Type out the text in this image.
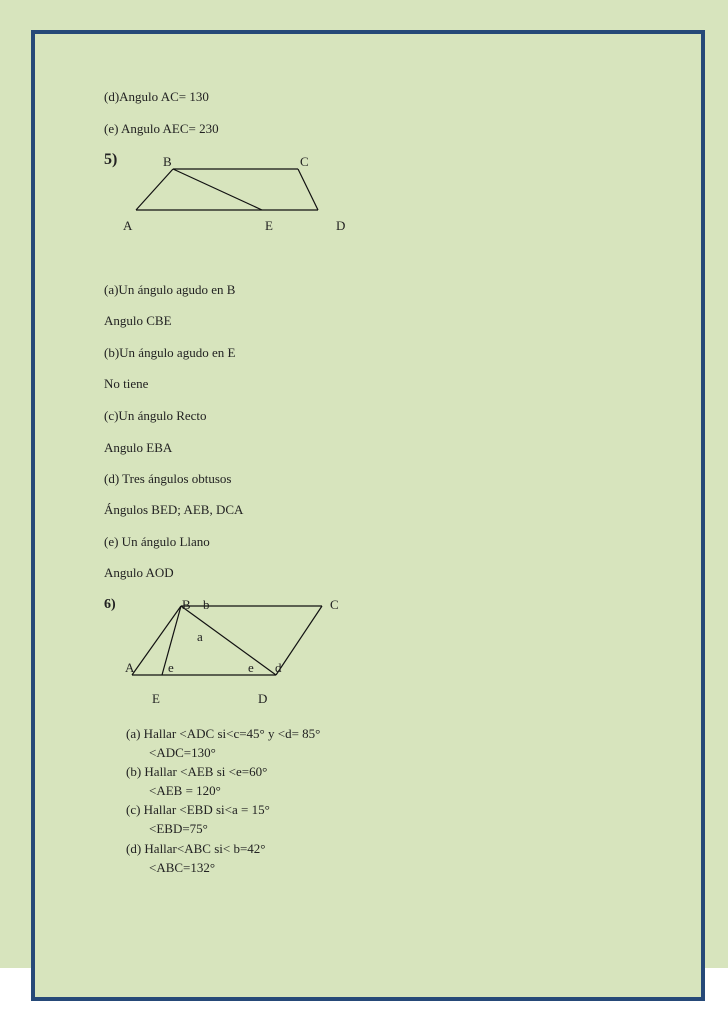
(d)Angulo AC= 130
(e) Angulo AEC= 230
5)	B	C
A	E	D
(a)Un ángulo agudo en B
Angulo CBE
(b)Un ángulo agudo en E
No tiene
(c)Un ángulo Recto
Angulo EBA
(d) Tres ángulos obtusos
Ángulos BED; AEB, DCA
(e) Un ángulo Llano
Angulo AOD
6)	B b	C
a
A	e	e d
E	D
(a) Hallar <ADC si<c=45° y <d= 85°
<ADC=130°
(b) Hallar <AEB si <e=60°
<AEB = 120°
(c) Hallar <EBD si<a = 15°
<EBD=75°
(d) Hallar<ABC si< b=42°
<ABC=132°
